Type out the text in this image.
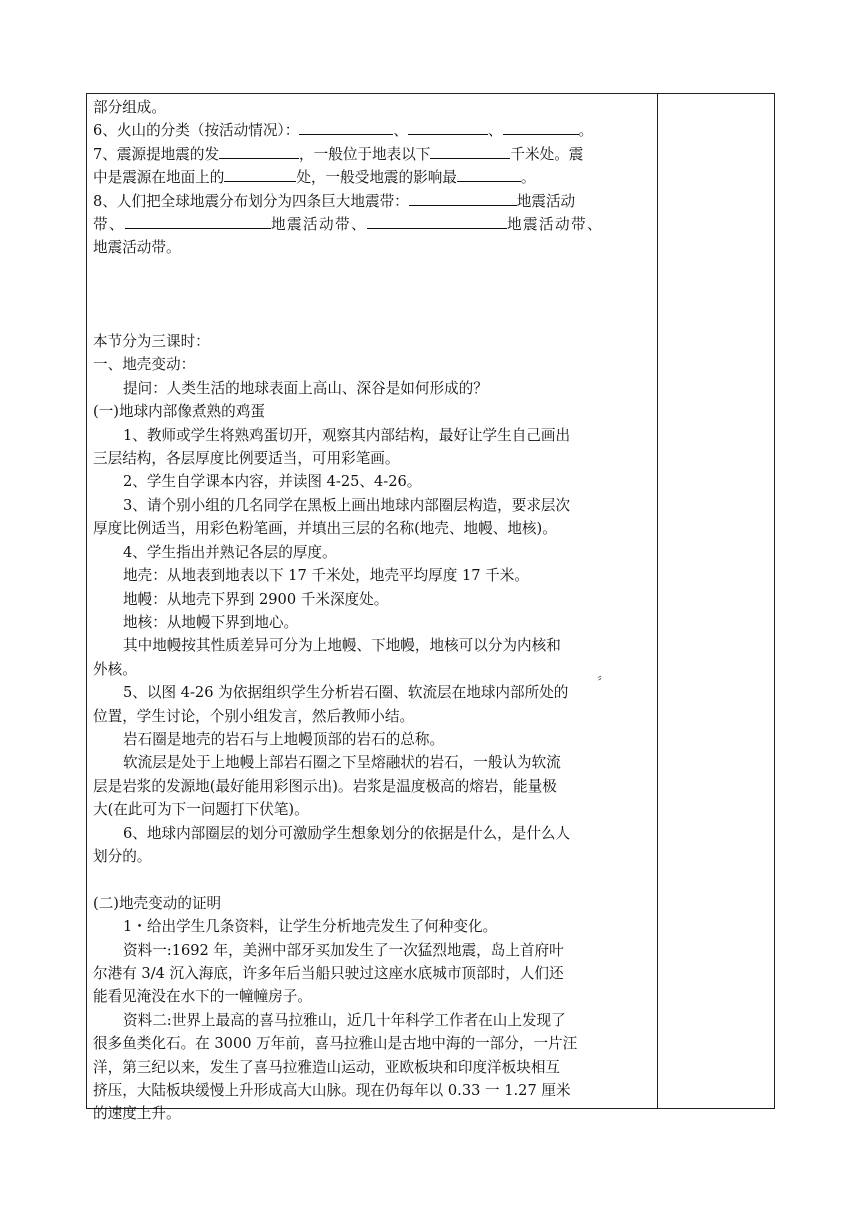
部分组成。

6、火山的分类（按活动情况）：	、	、	。

7、震源提地震的发	，一般位于地表以下	千米处。震

中是震源在地面上的	处，一般受地震的影响最	。

8、人们把全球地震分布划分为四条巨大地震带：	地震活动

带、	地震活动带、	地震活动带、

地震活动带。

本节分为三课时：

一、地壳变动：

提问：人类生活的地球表面上高山、深谷是如何形成的？

(一)地球内部像煮熟的鸡蛋

1、教师或学生将熟鸡蛋切开，观察其内部结构，最好让学生自己画出

三层结构，各层厚度比例要适当，可用彩笔画。

2、学生自学课本内容，并读图 4-25、4-26。

3、请个别小组的几名同学在黑板上画出地球内部圈层构造，要求层次

厚度比例适当，用彩色粉笔画，并填出三层的名称(地壳、地幔、地核)。

4、学生指出并熟记各层的厚度。

地壳：从地表到地表以下 17 千米处，地壳平均厚度 17 千米。

地幔：从地壳下界到 2900 千米深度处。

地核：从地幔下界到地心。

其中地幔按其性质差异可分为上地幔、下地幔，地核可以分为内核和

外核。

5、以图 4-26 为依据组织学生分析岩石圈、软流层在地球内部所处的

位置，学生讨论，个别小组发言，然后教师小结。

岩石圈是地壳的岩石与上地幔顶部的岩石的总称。

软流层是处于上地幔上部岩石圈之下呈熔融状的岩石，一般认为软流

层是岩浆的发源地(最好能用彩图示出)。岩浆是温度极高的熔岩，能量极

大(在此可为下一问题打下伏笔)。

6、地球内部圈层的划分可激励学生想象划分的依据是什么，是什么人

划分的。

(二)地壳变动的证明

1・给出学生几条资料，让学生分析地壳发生了何种变化。

资料一:1692 年，美洲中部牙买加发生了一次猛烈地震，岛上首府叶

尔港有 3/4 沉入海底，许多年后当船只驶过这座水底城市顶部时，人们还

能看见淹没在水下的一幢幢房子。

资料二:世界上最高的喜马拉雅山，近几十年科学工作者在山上发现了

很多鱼类化石。在 3000 万年前，喜马拉雅山是古地中海的一部分，一片汪

洋，第三纪以来，发生了喜马拉雅造山运动，亚欧板块和印度洋板块相互

挤压，大陆板块缓慢上升形成高大山脉。现在仍每年以 0.33 一 1.27 厘米

的速度上升。

〞
